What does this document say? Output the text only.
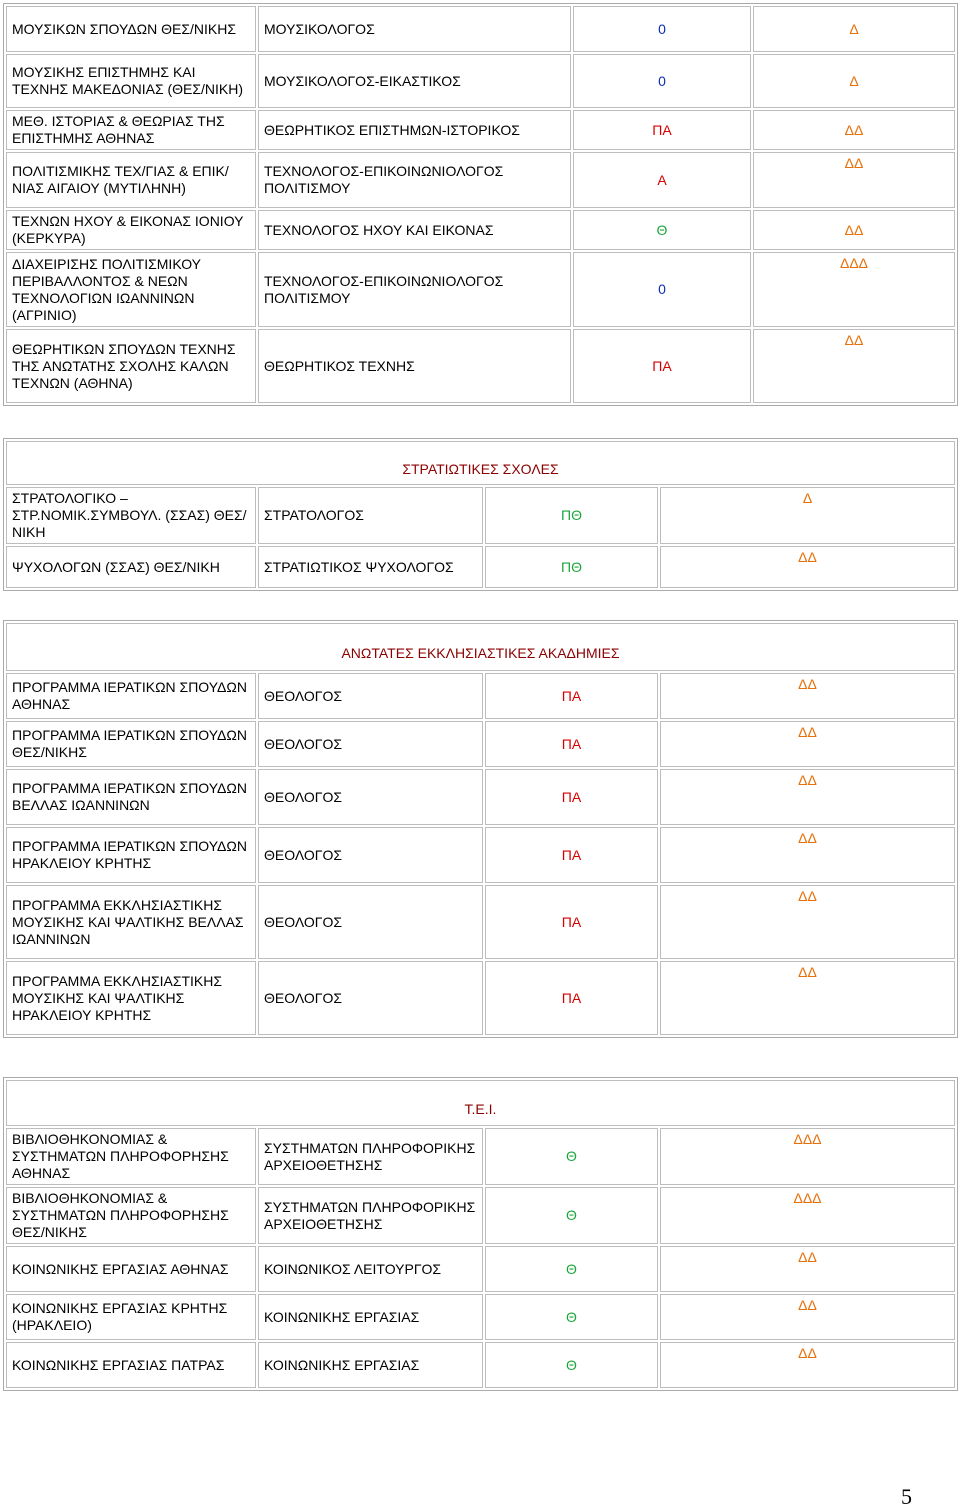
ΜΟΥΣΙΚΩΝ ΣΠΟΥΔΩΝ ΘΕΣ/ΝΙΚΗΣ	ΜΟΥΣΙΚΟΛΟΓΟΣ	0	Δ
ΜΟΥΣΙΚΗΣ ΕΠΙΣΤΗΜΗΣ ΚΑΙ ΤΕΧΝΗΣ ΜΑΚΕΔΟΝΙΑΣ (ΘΕΣ/ΝΙΚΗ)	ΜΟΥΣΙΚΟΛΟΓΟΣ-ΕΙΚΑΣΤΙΚΟΣ	0	Δ
ΜΕΘ. ΙΣΤΟΡΙΑΣ & ΘΕΩΡΙΑΣ ΤΗΣ ΕΠΙΣΤΗΜΗΣ ΑΘΗΝΑΣ	ΘΕΩΡΗΤΙΚΟΣ ΕΠΙΣΤΗΜΩΝ-ΙΣΤΟΡΙΚΟΣ	ΠΑ	ΔΔ
ΠΟΛΙΤΙΣΜΙΚΗΣ ΤΕΧ/ΓΙΑΣ & ΕΠΙΚ/ΝΙΑΣ ΑΙΓΑΙΟΥ (ΜΥΤΙΛΗΝΗ)	ΤΕΧΝΟΛΟΓΟΣ-ΕΠΙΚΟΙΝΩΝΙΟΛΟΓΟΣ ΠΟΛΙΤΙΣΜΟΥ	Α	ΔΔ
ΤΕΧΝΩΝ ΗΧΟΥ & ΕΙΚΟΝΑΣ ΙΟΝΙΟΥ (ΚΕΡΚΥΡΑ)	ΤΕΧΝΟΛΟΓΟΣ ΗΧΟΥ ΚΑΙ ΕΙΚΟΝΑΣ	Θ	ΔΔ
ΔΙΑΧΕΙΡΙΣΗΣ ΠΟΛΙΤΙΣΜΙΚΟΥ ΠΕΡΙΒΑΛΛΟΝΤΟΣ & ΝΕΩΝ ΤΕΧΝΟΛΟΓΙΩΝ ΙΩΑΝΝΙΝΩΝ (ΑΓΡΙΝΙΟ)	ΤΕΧΝΟΛΟΓΟΣ-ΕΠΙΚΟΙΝΩΝΙΟΛΟΓΟΣ ΠΟΛΙΤΙΣΜΟΥ	0	ΔΔΔ
ΘΕΩΡΗΤΙΚΩΝ ΣΠΟΥΔΩΝ ΤΕΧΝΗΣ ΤΗΣ ΑΝΩΤΑΤΗΣ ΣΧΟΛΗΣ ΚΑΛΩΝ ΤΕΧΝΩΝ (ΑΘΗΝΑ)	ΘΕΩΡΗΤΙΚΟΣ ΤΕΧΝΗΣ	ΠΑ	ΔΔ
ΣΤΡΑΤΙΩΤΙΚΕΣ ΣΧΟΛΕΣ			
ΣΤΡΑΤΟΛΟΓΙΚΟ – ΣΤΡ.ΝΟΜΙΚ.ΣΥΜΒΟΥΛ. (ΣΣΑΣ) ΘΕΣ/ΝΙΚΗ	ΣΤΡΑΤΟΛΟΓΟΣ	ΠΘ	Δ
ΨΥΧΟΛΟΓΩΝ (ΣΣΑΣ) ΘΕΣ/ΝΙΚΗ	ΣΤΡΑΤΙΩΤΙΚΟΣ ΨΥΧΟΛΟΓΟΣ	ΠΘ	ΔΔ
ΑΝΩΤΑΤΕΣ ΕΚΚΛΗΣΙΑΣΤΙΚΕΣ ΑΚΑΔΗΜΙΕΣ			
ΠΡΟΓΡΑΜΜΑ ΙΕΡΑΤΙΚΩΝ ΣΠΟΥΔΩΝ ΑΘΗΝΑΣ	ΘΕΟΛΟΓΟΣ	ΠΑ	ΔΔ
ΠΡΟΓΡΑΜΜΑ ΙΕΡΑΤΙΚΩΝ ΣΠΟΥΔΩΝ ΘΕΣ/ΝΙΚΗΣ	ΘΕΟΛΟΓΟΣ	ΠΑ	ΔΔ
ΠΡΟΓΡΑΜΜΑ ΙΕΡΑΤΙΚΩΝ ΣΠΟΥΔΩΝ ΒΕΛΛΑΣ ΙΩΑΝΝΙΝΩΝ	ΘΕΟΛΟΓΟΣ	ΠΑ	ΔΔ
ΠΡΟΓΡΑΜΜΑ ΙΕΡΑΤΙΚΩΝ ΣΠΟΥΔΩΝ ΗΡΑΚΛΕΙΟΥ ΚΡΗΤΗΣ	ΘΕΟΛΟΓΟΣ	ΠΑ	ΔΔ
ΠΡΟΓΡΑΜΜΑ ΕΚΚΛΗΣΙΑΣΤΙΚΗΣ ΜΟΥΣΙΚΗΣ ΚΑΙ ΨΑΛΤΙΚΗΣ ΒΕΛΛΑΣ ΙΩΑΝΝΙΝΩΝ	ΘΕΟΛΟΓΟΣ	ΠΑ	ΔΔ
ΠΡΟΓΡΑΜΜΑ ΕΚΚΛΗΣΙΑΣΤΙΚΗΣ ΜΟΥΣΙΚΗΣ ΚΑΙ ΨΑΛΤΙΚΗΣ ΗΡΑΚΛΕΙΟΥ ΚΡΗΤΗΣ	ΘΕΟΛΟΓΟΣ	ΠΑ	ΔΔ
Τ.Ε.Ι.			
ΒΙΒΛΙΟΘΗΚΟΝΟΜΙΑΣ & ΣΥΣΤΗΜΑΤΩΝ ΠΛΗΡΟΦΟΡΗΣΗΣ ΑΘΗΝΑΣ	ΣΥΣΤΗΜΑΤΩΝ ΠΛΗΡΟΦΟΡΙΚΗΣ ΑΡΧΕΙΟΘΕΤΗΣΗΣ	Θ	ΔΔΔ
ΒΙΒΛΙΟΘΗΚΟΝΟΜΙΑΣ & ΣΥΣΤΗΜΑΤΩΝ ΠΛΗΡΟΦΟΡΗΣΗΣ ΘΕΣ/ΝΙΚΗΣ	ΣΥΣΤΗΜΑΤΩΝ ΠΛΗΡΟΦΟΡΙΚΗΣ ΑΡΧΕΙΟΘΕΤΗΣΗΣ	Θ	ΔΔΔ
ΚΟΙΝΩΝΙΚΗΣ ΕΡΓΑΣΙΑΣ ΑΘΗΝΑΣ	ΚΟΙΝΩΝΙΚΟΣ ΛΕΙΤΟΥΡΓΟΣ	Θ	ΔΔ
ΚΟΙΝΩΝΙΚΗΣ ΕΡΓΑΣΙΑΣ ΚΡΗΤΗΣ (ΗΡΑΚΛΕΙΟ)	ΚΟΙΝΩΝΙΚΗΣ ΕΡΓΑΣΙΑΣ	Θ	ΔΔ
ΚΟΙΝΩΝΙΚΗΣ ΕΡΓΑΣΙΑΣ ΠΑΤΡΑΣ	ΚΟΙΝΩΝΙΚΗΣ ΕΡΓΑΣΙΑΣ	Θ	ΔΔ
5
